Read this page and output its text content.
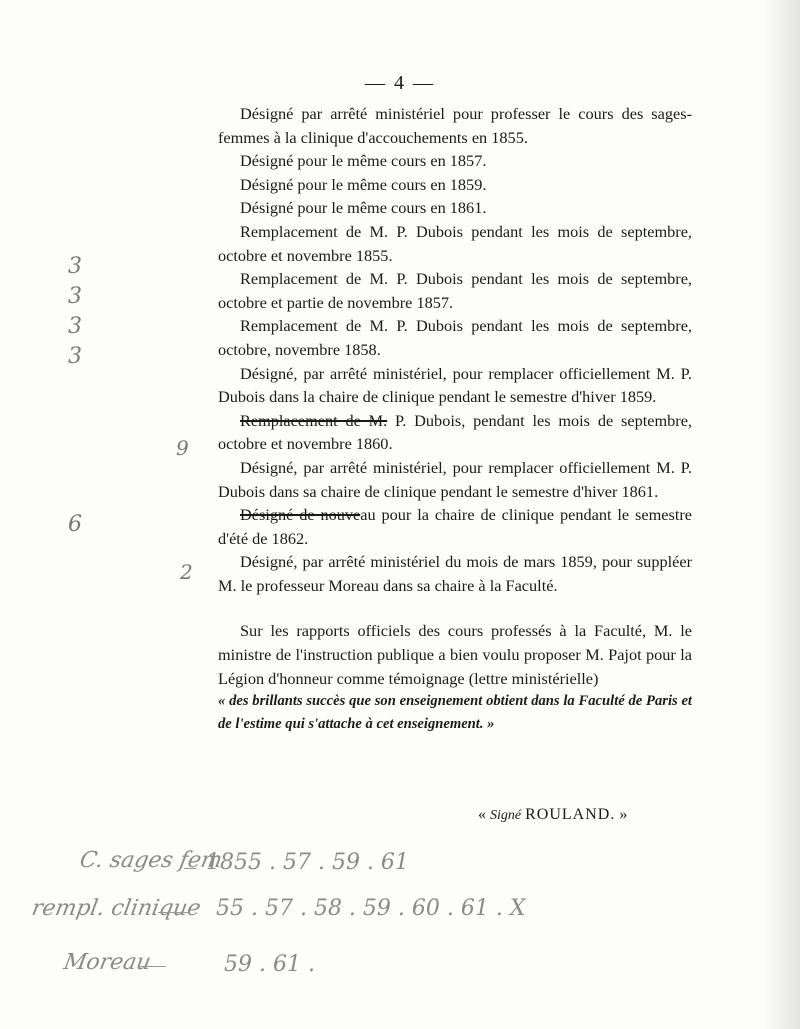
— 4 —

Désigné par arrêté ministériel pour professer le cours des sages-femmes à la clinique d'accouchements en 1855.

Désigné pour le même cours en 1857.

Désigné pour le même cours en 1859.

Désigné pour le même cours en 1861.

Remplacement de M. P. Dubois pendant les mois de septembre, octobre et novembre 1855.

Remplacement de M. P. Dubois pendant les mois de septembre, octobre et partie de novembre 1857.

Remplacement de M. P. Dubois pendant les mois de septembre, octobre, novembre 1858.

Désigné, par arrêté ministériel, pour remplacer officiellement M. P. Dubois dans la chaire de clinique pendant le semestre d'hiver 1859.

Remplacement de M. P. Dubois, pendant les mois de septembre, octobre et novembre 1860.

Désigné, par arrêté ministériel, pour remplacer officiellement M. P. Dubois dans sa chaire de clinique pendant le semestre d'hiver 1861.

Désigné de nouveau pour la chaire de clinique pendant le semestre d'été de 1862.

Désigné, par arrêté ministériel du mois de mars 1859, pour suppléer M. le professeur Moreau dans sa chaire à la Faculté.

Sur les rapports officiels des cours professés à la Faculté, M. le ministre de l'instruction publique a bien voulu proposer M. Pajot pour la Légion d'honneur comme témoignage (lettre ministérielle)

« des brillants succès que son enseignement obtient dans la Faculté de Paris et de l'estime qui s'attache à cet enseignement. »

« Signé ROULAND. »
3
3
3
3
9
6
2
C. sages fem
1855 . 57 . 59 . 61
rempl. clinique 55 . 57 . 58 . 59 . 60 . 61 . X
Moreau	59 . 61 .
